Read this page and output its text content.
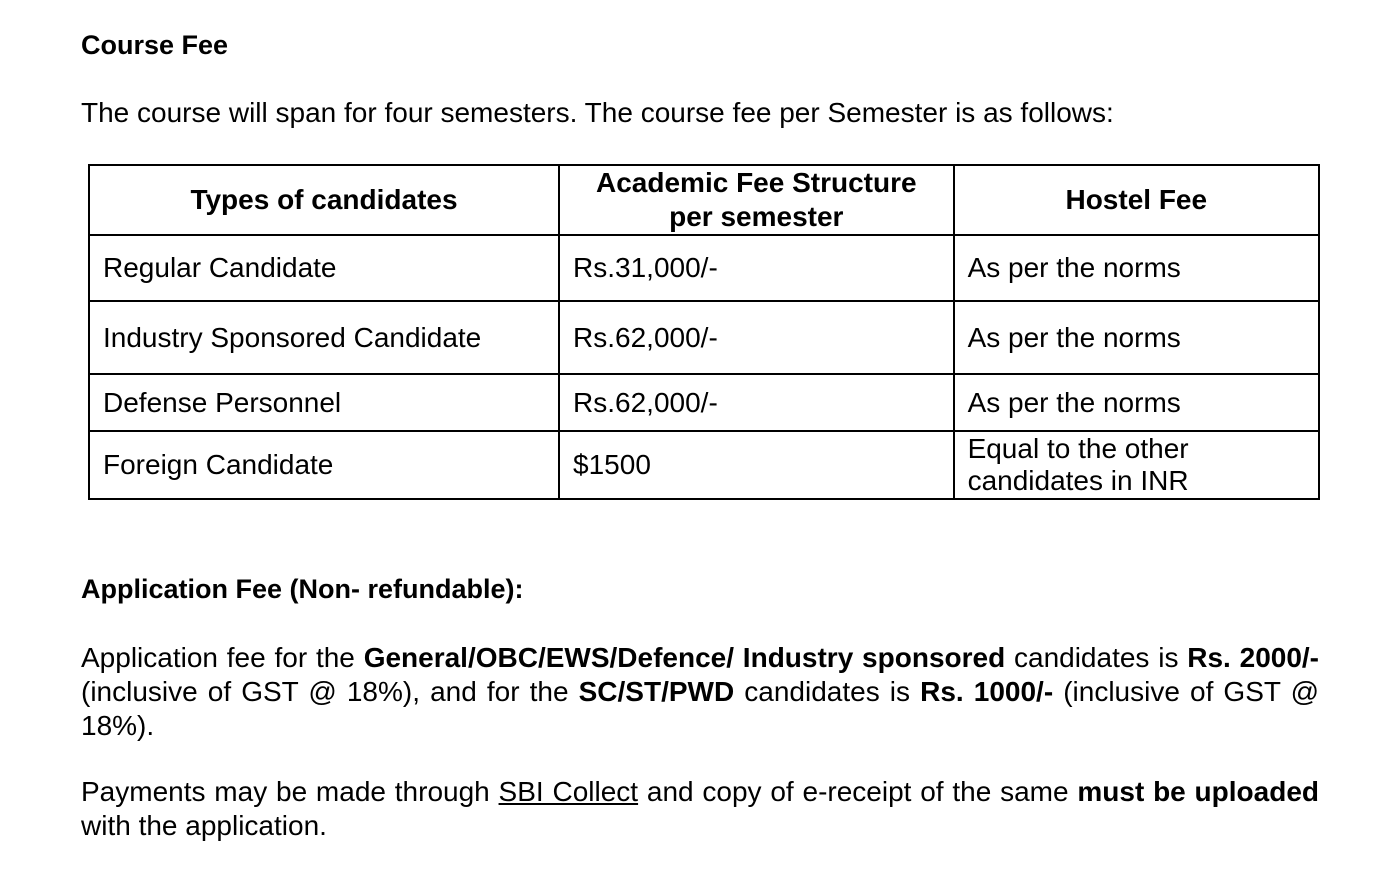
Course Fee
The course will span for four semesters. The course fee per Semester is as follows:
Types of candidates	Academic Fee Structure per semester	Hostel Fee
Regular Candidate	Rs.31,000/-	As per the norms
Industry Sponsored Candidate	Rs.62,000/-	As per the norms
Defense Personnel	Rs.62,000/-	As per the norms
Foreign Candidate	$1500	Equal to the other candidates in INR
Application Fee (Non- refundable):

Application fee for the General/OBC/EWS/Defence/ Industry sponsored candidates is Rs. 2000/- (inclusive of GST @ 18%), and for the SC/ST/PWD candidates is Rs. 1000/- (inclusive of GST @ 18%).

Payments may be made through SBI Collect and copy of e-receipt of the same must be uploaded with the application.
